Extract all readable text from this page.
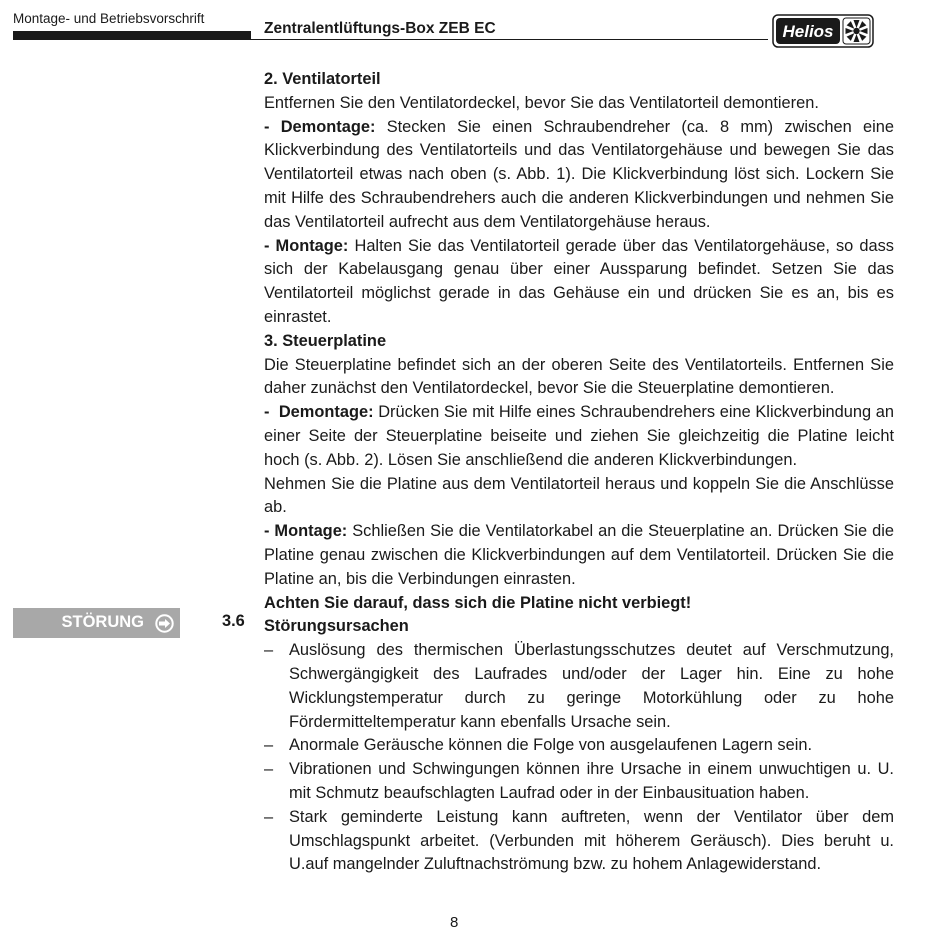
Montage- und Betriebsvorschrift
Zentralentlüftungs-Box ZEB EC	Helios

2. Ventilatorteil

Entfernen Sie den Ventilatordeckel, bevor Sie das Ventilatorteil demontieren.

- Demontage: Stecken Sie einen Schraubendreher (ca. 8 mm) zwischen eine Klickverbindung des Ventilatorteils und das Ventilatorgehäuse und bewegen Sie das Ventilatorteil etwas nach oben (s. Abb. 1). Die Klickverbindung löst sich. Lockern Sie mit Hilfe des Schraubendrehers auch die anderen Klickverbindungen und nehmen Sie das Ventilatorteil aufrecht aus dem Ventilatorgehäuse heraus.

- Montage: Halten Sie das Ventilatorteil gerade über das Ventilatorgehäuse, so dass sich der Kabelausgang genau über einer Aussparung befindet. Setzen Sie das Ventilatorteil möglichst gerade in das Gehäuse ein und drücken Sie es an, bis es einrastet.

3. Steuerplatine

Die Steuerplatine befindet sich an der oberen Seite des Ventilatorteils. Entfernen Sie daher zunächst den Ventilatordeckel, bevor Sie die Steuerplatine demontieren.

-  Demontage: Drücken Sie mit Hilfe eines Schraubendrehers eine Klickverbindung an einer Seite der Steuerplatine beiseite und ziehen Sie gleichzeitig die Platine leicht hoch (s. Abb. 2). Lösen Sie anschließend die anderen Klickverbindungen.

Nehmen Sie die Platine aus dem Ventilatorteil heraus und koppeln Sie die Anschlüsse ab.

- Montage: Schließen Sie die Ventilatorkabel an die Steuerplatine an. Drücken Sie die Platine genau zwischen die Klickverbindungen auf dem Ventilatorteil. Drücken Sie die Platine an, bis die Verbindungen einrasten.

Achten Sie darauf, dass sich die Platine nicht verbiegt!

Störungsursachen

– Auslösung des thermischen Überlastungsschutzes deutet auf Verschmutzung, Schwergängigkeit des Laufrades und/oder der Lager hin. Eine zu hohe Wicklungstemperatur durch zu geringe Motorkühlung oder zu hohe Fördermitteltemperatur kann ebenfalls Ursache sein.
– Anormale Geräusche können die Folge von ausgelaufenen Lagern sein.
– Vibrationen und Schwingungen können ihre Ursache in einem unwuchtigen u. U. mit Schmutz beaufschlagten Laufrad oder in der Einbausituation haben.
– Stark geminderte Leistung kann auftreten, wenn der Ventilator über dem Umschlagspunkt arbeitet. (Verbunden mit höherem Geräusch). Dies beruht u. U.auf mangelnder Zuluftnachströmung bzw. zu hohem Anlagewiderstand.
STÖRUNG	3.6
8
